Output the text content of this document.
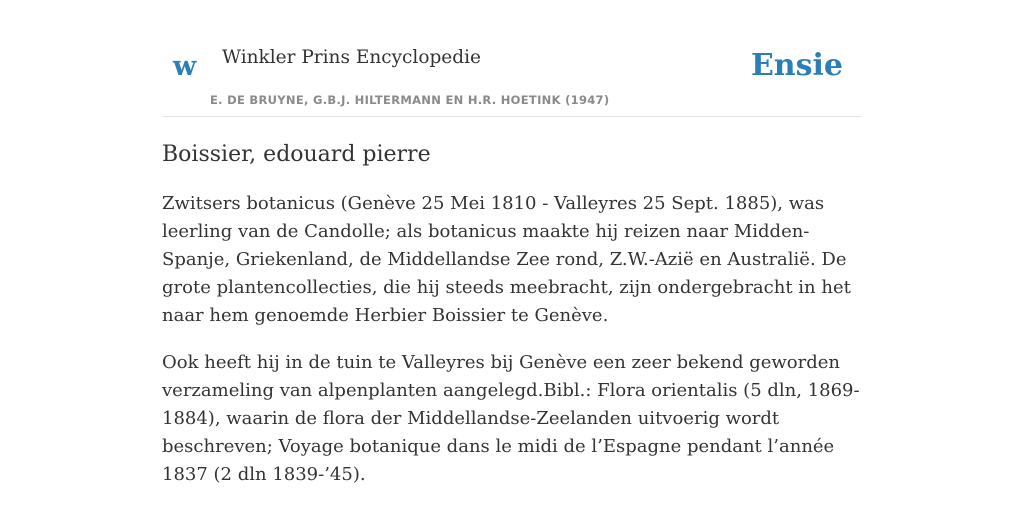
w Winkler Prins Encyclopedie
E. DE BRUYNE, G.B.J. HILTERMANN EN H.R. HOETINK (1947)
Ensie
Boissier, edouard pierre

Zwitsers botanicus (Genève 25 Mei 1810 - Valleyres 25 Sept. 1885), was leerling van de Candolle; als botanicus maakte hij reizen naar Midden-Spanje, Griekenland, de Middellandse Zee rond, Z.W.-Azië en Australië. De grote plantencollecties, die hij steeds meebracht, zijn ondergebracht in het naar hem genoemde Herbier Boissier te Genève.

Ook heeft hij in de tuin te Valleyres bij Genève een zeer bekend geworden verzameling van alpenplanten aangelegd.Bibl.: Flora orientalis (5 dln, 1869-1884), waarin de flora der Middellandse-Zeelanden uitvoerig wordt beschreven; Voyage botanique dans le midi de l’Espagne pendant l’année 1837 (2 dln 1839-’45).
